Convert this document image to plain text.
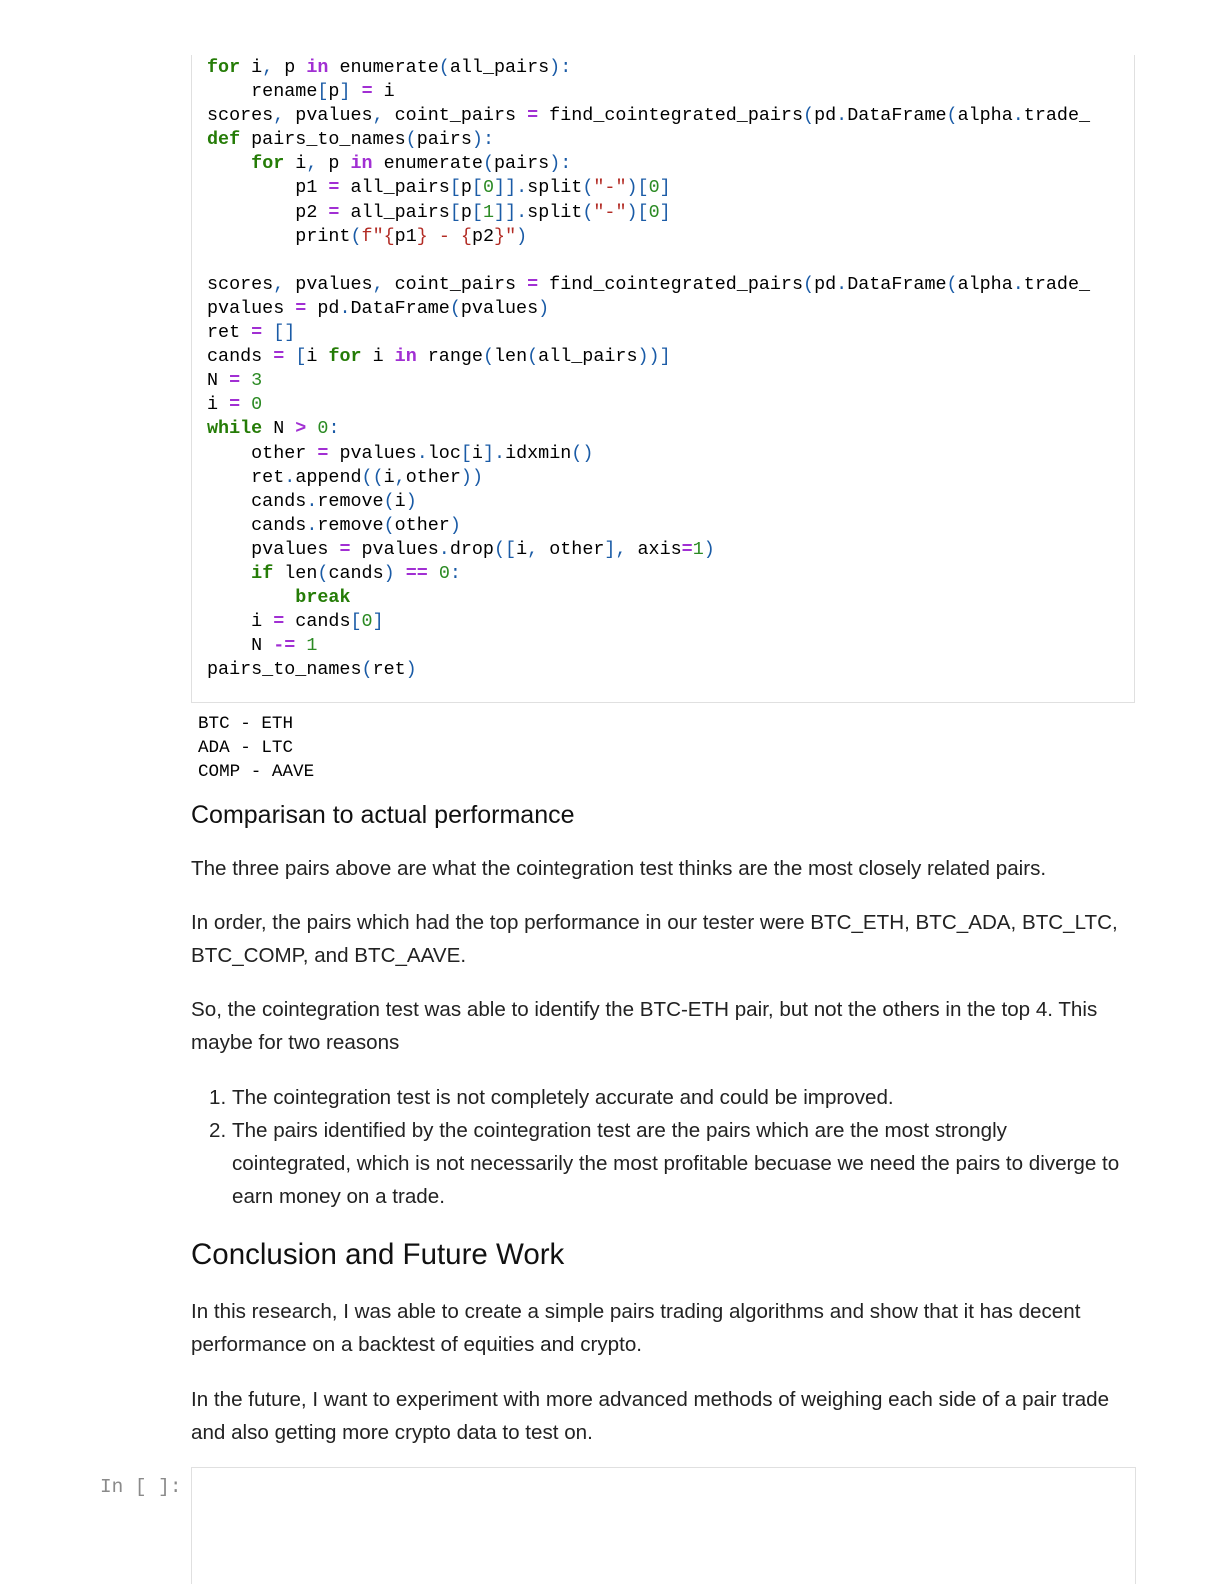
for i, p in enumerate(all_pairs):
rename[p] = i
scores, pvalues, coint_pairs = find_cointegrated_pairs(pd.DataFrame(alpha.trade_
def pairs_to_names(pairs):
for i, p in enumerate(pairs):
p1 = all_pairs[p[0]].split("-")[0]
p2 = all_pairs[p[1]].split("-")[0]
print(f"{p1} - {p2}")

scores, pvalues, coint_pairs = find_cointegrated_pairs(pd.DataFrame(alpha.trade_
pvalues = pd.DataFrame(pvalues)
ret = []
cands = [i for i in range(len(all_pairs))]
N = 3
i = 0
while N > 0:
other = pvalues.loc[i].idxmin()
ret.append((i,other))
cands.remove(i)
cands.remove(other)
pvalues = pvalues.drop([i, other], axis=1)
if len(cands) == 0:
break
i = cands[0]
N -= 1
pairs_to_names(ret)
BTC - ETH
ADA - LTC
COMP - AAVE
Comparisan to actual performance

The three pairs above are what the cointegration test thinks are the most closely related pairs.

In order, the pairs which had the top performance in our tester were BTC_ETH, BTC_ADA, BTC_LTC, BTC_COMP, and BTC_AAVE.

So, the cointegration test was able to identify the BTC-ETH pair, but not the others in the top 4. This maybe for two reasons

1. The cointegration test is not completely accurate and could be improved.
2. The pairs identified by the cointegration test are the pairs which are the most strongly cointegrated, which is not necessarily the most profitable becuase we need the pairs to diverge to earn money on a trade.
Conclusion and Future Work

In this research, I was able to create a simple pairs trading algorithms and show that it has decent performance on a backtest of equities and crypto.

In the future, I want to experiment with more advanced methods of weighing each side of a pair trade and also getting more crypto data to test on.

In [ ]:
